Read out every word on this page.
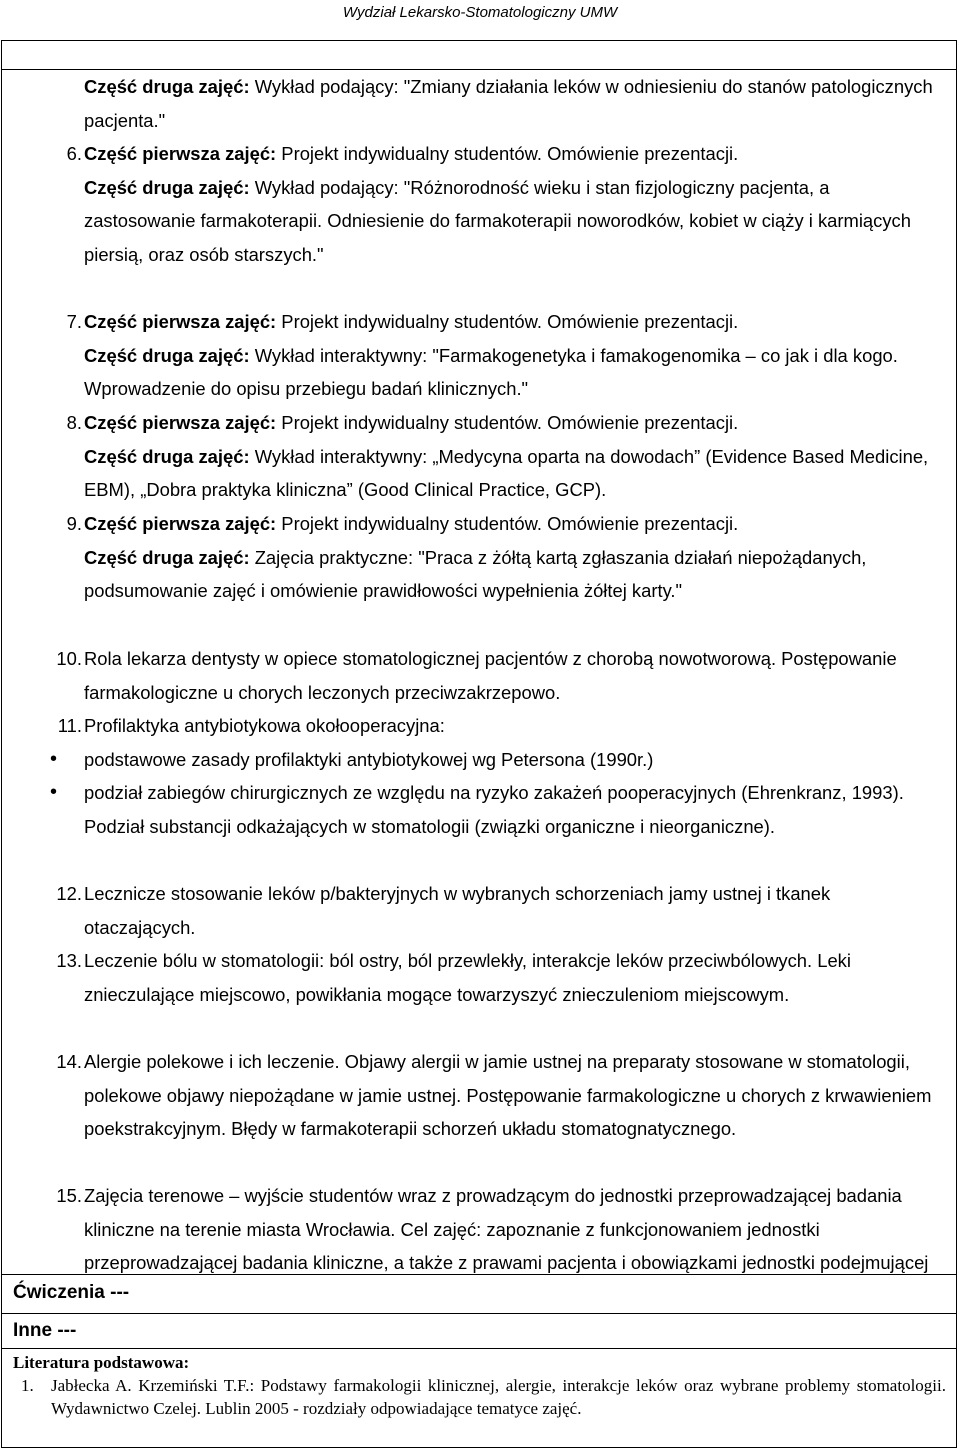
Wydział Lekarsko-Stomatologiczny UMW
Część druga zajęć: Wykład podający: "Zmiany działania leków w odniesieniu do stanów patologicznych pacjenta."
6. Część pierwsza zajęć: Projekt indywidualny studentów. Omówienie prezentacji.
Część druga zajęć: Wykład podający: "Różnorodność wieku i stan fizjologiczny pacjenta, a zastosowanie farmakoterapii. Odniesienie do farmakoterapii noworodków, kobiet w ciąży i karmiących piersią, oraz osób starszych."
7. Część pierwsza zajęć: Projekt indywidualny studentów. Omówienie prezentacji.
Część druga zajęć: Wykład interaktywny: "Farmakogenetyka i famakogenomika – co jak i dla kogo. Wprowadzenie do opisu przebiegu badań klinicznych."
8. Część pierwsza zajęć: Projekt indywidualny studentów. Omówienie prezentacji.
Część druga zajęć: Wykład interaktywny: „Medycyna oparta na dowodach” (Evidence Based Medicine, EBM), „Dobra praktyka kliniczna” (Good Clinical Practice, GCP).
9. Część pierwsza zajęć: Projekt indywidualny studentów. Omówienie prezentacji.
Część druga zajęć: Zajęcia praktyczne: "Praca z żółtą kartą zgłaszania działań niepożądanych, podsumowanie zajęć i omówienie prawidłowości wypełnienia żółtej karty."
10. Rola lekarza dentysty w opiece stomatologicznej pacjentów z chorobą nowotworową. Postępowanie farmakologiczne u chorych leczonych przeciwzakrzepowo.
11. Profilaktyka antybiotykowa okołooperacyjna:
• podstawowe zasady profilaktyki antybiotykowej wg Petersona (1990r.)
• podział zabiegów chirurgicznych ze względu na ryzyko zakażeń pooperacyjnych (Ehrenkranz, 1993). Podział substancji odkażających w stomatologii (związki organiczne i nieorganiczne).
12. Lecznicze stosowanie leków p/bakteryjnych w wybranych schorzeniach jamy ustnej i tkanek otaczających.
13. Leczenie bólu w stomatologii: ból ostry, ból przewlekły, interakcje leków przeciwbólowych. Leki znieczulające miejscowo, powikłania mogące towarzyszyć znieczuleniom miejscowym.
14. Alergie polekowe i ich leczenie. Objawy alergii w jamie ustnej na preparaty stosowane w stomatologii, polekowe objawy niepożądane w jamie ustnej. Postępowanie farmakologiczne u chorych z krwawieniem poekstrakcyjnym. Błędy w farmakoterapii schorzeń układu stomatognatycznego.
15. Zajęcia terenowe – wyjście studentów wraz z prowadzącym do jednostki przeprowadzającej badania kliniczne na terenie miasta Wrocławia. Cel zajęć: zapoznanie z funkcjonowaniem jednostki przeprowadzającej badania kliniczne, a także z prawami pacjenta i obowiązkami jednostki podejmującej
Ćwiczenia ---
Inne ---
Literatura podstawowa:
1. Jabłecka A. Krzemiński T.F.: Podstawy farmakologii klinicznej, alergie, interakcje leków oraz wybrane problemy stomatologii. Wydawnictwo Czelej. Lublin 2005 - rozdziały odpowiadające tematyce zajęć.
